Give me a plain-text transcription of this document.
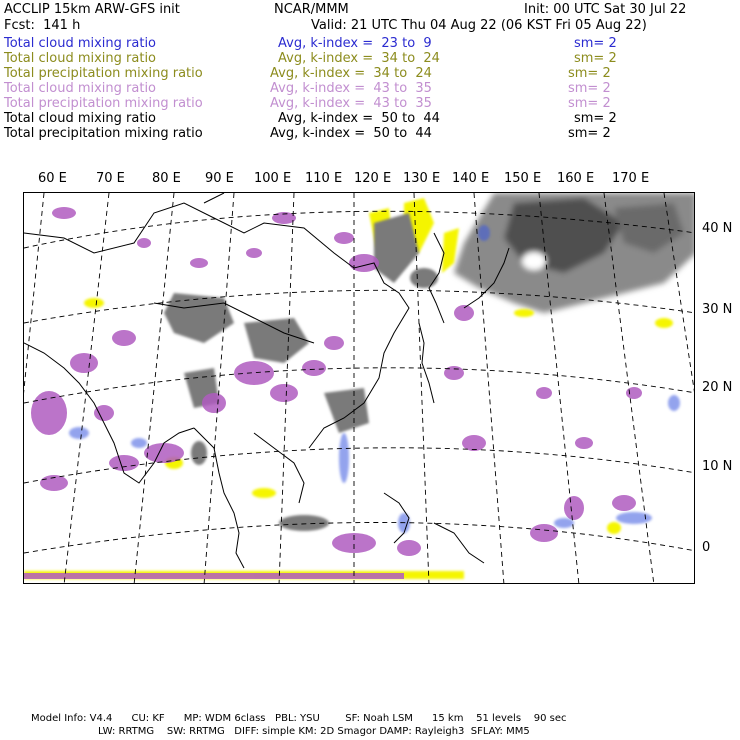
ACCLIP 15km ARW-GFS init	NCAR/MMM	Init: 00 UTC Sat 30 Jul 22
Fcst:  141 h	Valid: 21 UTC Thu 04 Aug 22 (06 KST Fri 05 Aug 22)
Total cloud mixing ratio	Avg, k-index =  23 to  9	sm= 2
Total cloud mixing ratio	Avg, k-index =  34 to  24	sm= 2
Total precipitation mixing ratio	Avg, k-index =  34 to  24	sm= 2
Total cloud mixing ratio	Avg, k-index =  43 to  35	sm= 2
Total precipitation mixing ratio	Avg, k-index =  43 to  35	sm= 2
Total cloud mixing ratio	Avg, k-index =  50 to  44	sm= 2
Total precipitation mixing ratio	Avg, k-index =  50 to  44	sm= 2
60 E 70 E 80 E 90 E 100 E 110 E 120 E 130 E 140 E 150 E 160 E 170 E
40 N
30 N
20 N
10 N
0
Model Info: V4.4      CU: KF      MP: WDM 6class   PBL: YSU        SF: Noah LSM      15 km    51 levels    90 sec
LW: RRTMG    SW: RRTMG   DIFF: simple KM: 2D Smagor DAMP: Rayleigh3  SFLAY: MM5
